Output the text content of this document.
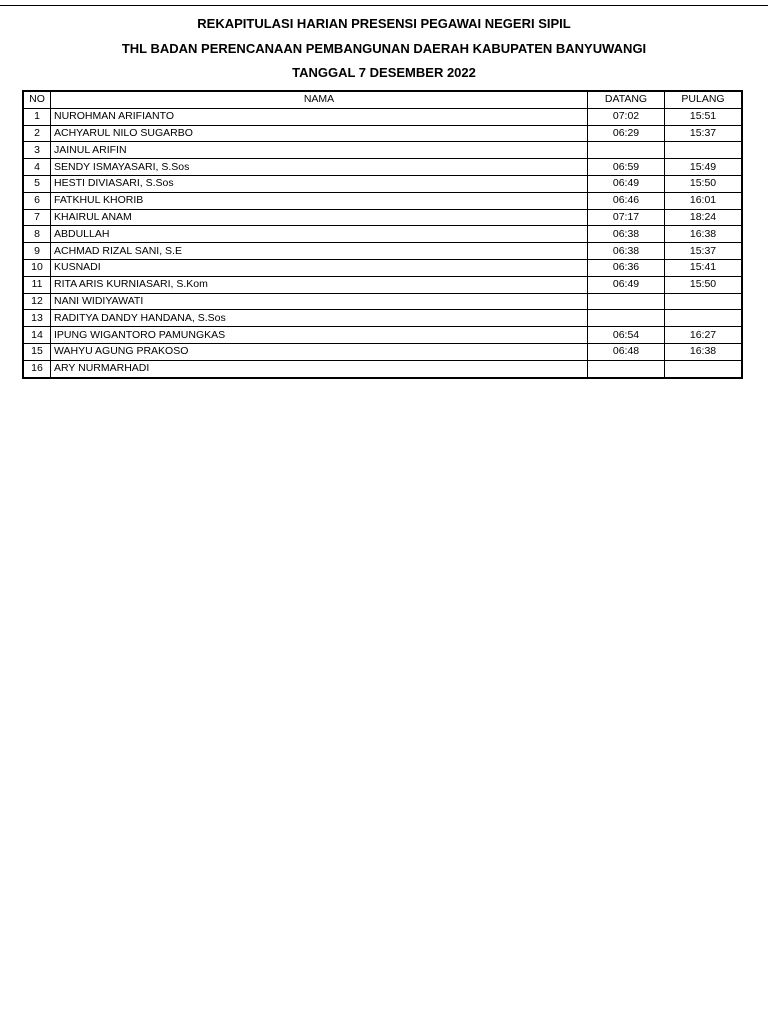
REKAPITULASI HARIAN PRESENSI PEGAWAI NEGERI SIPIL
THL BADAN PERENCANAAN PEMBANGUNAN DAERAH KABUPATEN BANYUWANGI
TANGGAL 7 DESEMBER 2022
NO	NAMA	DATANG	PULANG
1	NUROHMAN ARIFIANTO	07:02	15:51
2	ACHYARUL NILO SUGARBO	06:29	15:37
3	JAINUL ARIFIN		
4	SENDY ISMAYASARI, S.Sos	06:59	15:49
5	HESTI DIVIASARI, S.Sos	06:49	15:50
6	FATKHUL KHORIB	06:46	16:01
7	KHAIRUL ANAM	07:17	18:24
8	ABDULLAH	06:38	16:38
9	ACHMAD RIZAL SANI, S.E	06:38	15:37
10	KUSNADI	06:36	15:41
11	RITA ARIS KURNIASARI, S.Kom	06:49	15:50
12	NANI WIDIYAWATI		
13	RADITYA DANDY HANDANA, S.Sos		
14	IPUNG WIGANTORO PAMUNGKAS	06:54	16:27
15	WAHYU AGUNG PRAKOSO	06:48	16:38
16	ARY NURMARHADI		
